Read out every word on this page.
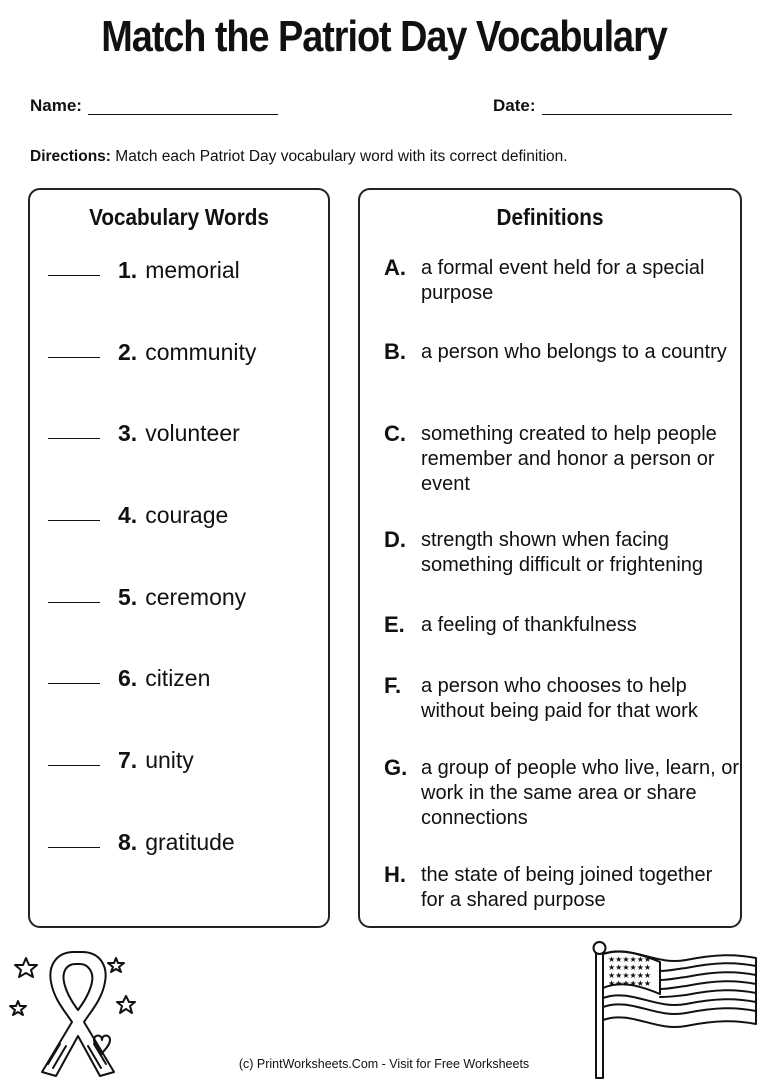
Match the Patriot Day Vocabulary
Name:	Date:
Directions: Match each Patriot Day vocabulary word with its correct definition.
Vocabulary Words
1. memorial
2. community
3. volunteer
4. courage
5. ceremony
6. citizen
7. unity
8. gratitude
Definitions
A. a formal event held for a special purpose
B. a person who belongs to a country
C. something created to help people remember and honor a person or event
D. strength shown when facing something difficult or frightening
E. a feeling of thankfulness
F. a person who chooses to help without being paid for that work
G. a group of people who live, learn, or work in the same area or share connections
H. the state of being joined together for a shared purpose
★★★★★★
★★★★★★
★★★★★★
★★★★★★
(c) PrintWorksheets.Com - Visit for Free Worksheets
